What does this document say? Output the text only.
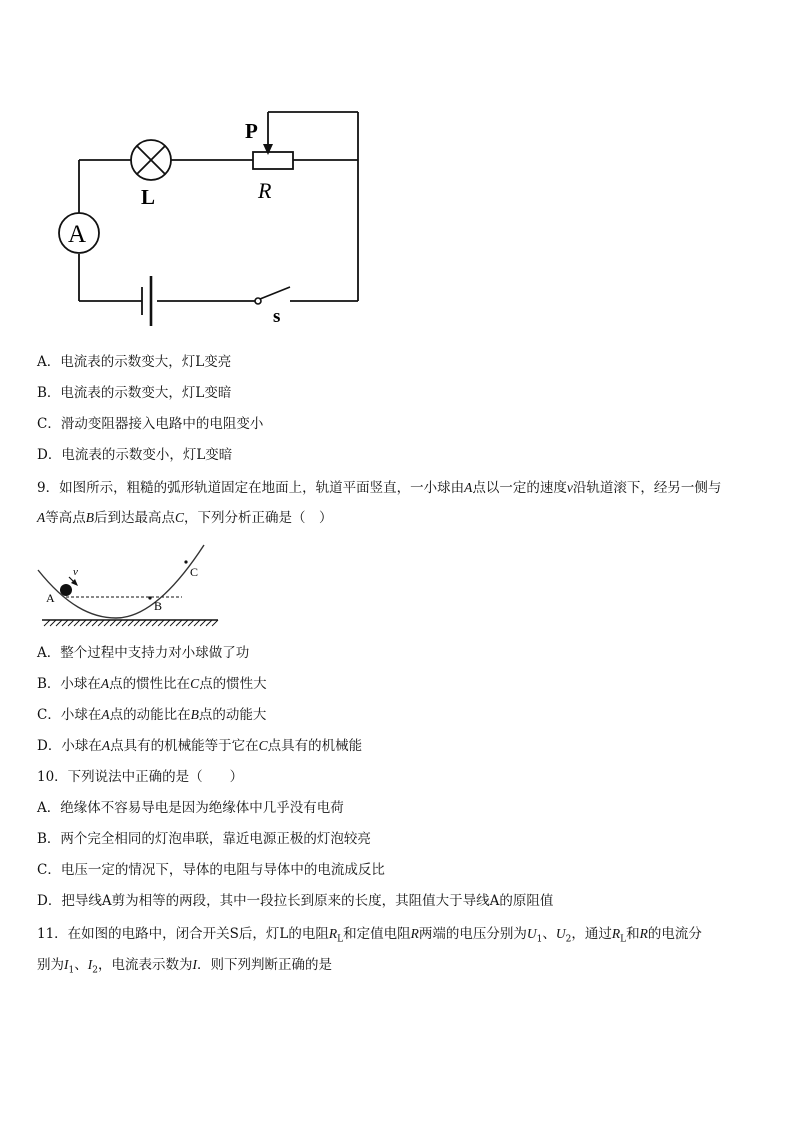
P
L	R
A
s
A．电流表的示数变大，灯L变亮
B．电流表的示数变大，灯L变暗
C．滑动变阻器接入电路中的电阻变小
D．电流表的示数变小，灯L变暗
9．如图所示，粗糙的弧形轨道固定在地面上，轨道平面竖直，一小球由A点以一定的速度v沿轨道滚下，经另一侧与
A等高点B后到达最高点C，下列分析正确是（　）
A
B
C
v
A．整个过程中支持力对小球做了功
B．小球在A点的惯性比在C点的惯性大
C．小球在A点的动能比在B点的动能大
D．小球在A点具有的机械能等于它在C点具有的机械能
10．下列说法中正确的是（　　）
A．绝缘体不容易导电是因为绝缘体中几乎没有电荷
B．两个完全相同的灯泡串联，靠近电源正极的灯泡较亮
C．电压一定的情况下，导体的电阻与导体中的电流成反比
D．把导线A剪为相等的两段，其中一段拉长到原来的长度，其阻值大于导线A的原阻值
11．在如图的电路中，闭合开关S后，灯L的电阻$R_L$和定值电阻R两端的电压分别为$U_1$、$U_2$，通过$R_L$和R的电流分
别为$I_1$、$I_2$，电流表示数为I．则下列判断正确的是
